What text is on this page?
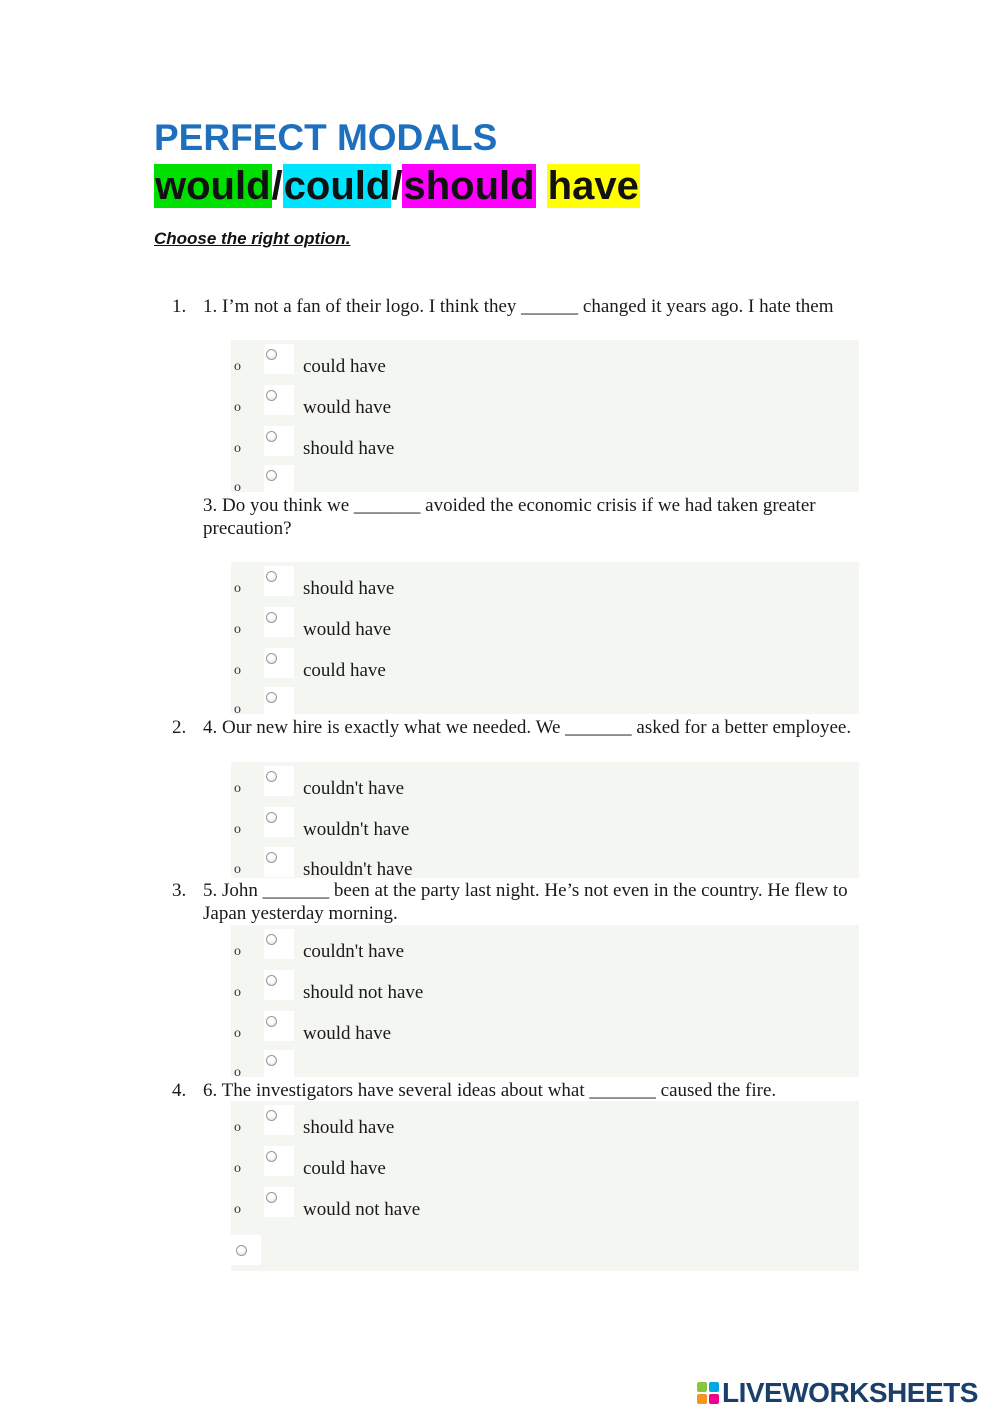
PERFECT MODALS
would/could/should have
Choose the right option.
1. 1. I’m not a fan of their logo. I think they ______ changed it years ago. I hate them
o	could have
o	would have
o	should have
o
3. Do you think we _______ avoided the economic crisis if we had taken greater precaution?
o	should have
o	would have
o	could have
o
2. 4. Our new hire is exactly what we needed. We _______ asked for a better employee.
o	couldn't have
o	wouldn't have
o	shouldn't have
3. 5. John _______ been at the party last night. He’s not even in the country. He flew to Japan yesterday morning.
o	couldn't have
o	should not have
o	would have
o
4. 6. The investigators have several ideas about what _______ caused the fire.
o	should have
o	could have
o	would not have
LIVEWORKSHEETS
